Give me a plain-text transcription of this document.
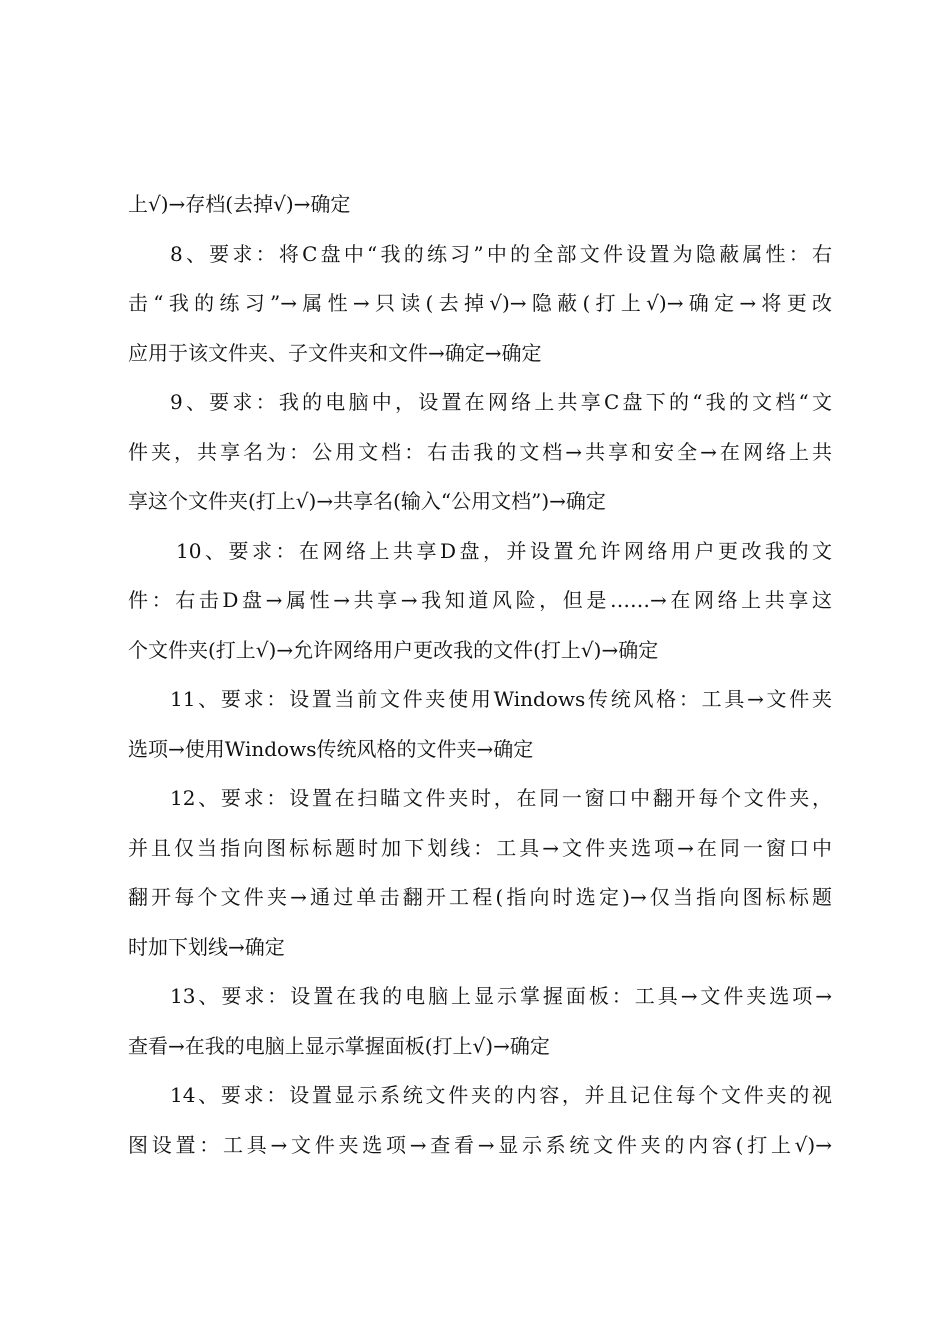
上√)→存档(去掉√)→确定
8、要求：将C盘中“我的练习”中的全部文件设置为隐蔽属性：右
击“我的练习”→属性→只读(去掉√)→隐蔽(打上√)→确定→将更改
应用于该文件夹、子文件夹和文件→确定→确定
9、要求：我的电脑中，设置在网络上共享C盘下的“我的文档“文
件夹，共享名为：公用文档：右击我的文档→共享和安全→在网络上共
享这个文件夹(打上√)→共享名(输入“公用文档”)→确定
10、要求：在网络上共享D盘，并设置允许网络用户更改我的文
件：右击D盘→属性→共享→我知道风险，但是……→在网络上共享这
个文件夹(打上√)→允许网络用户更改我的文件(打上√)→确定
11、要求：设置当前文件夹使用Windows传统风格：工具→文件夹
选项→使用Windows传统风格的文件夹→确定
12、要求：设置在扫瞄文件夹时，在同一窗口中翻开每个文件夹，
并且仅当指向图标标题时加下划线：工具→文件夹选项→在同一窗口中
翻开每个文件夹→通过单击翻开工程(指向时选定)→仅当指向图标标题
时加下划线→确定
13、要求：设置在我的电脑上显示掌握面板：工具→文件夹选项→
查看→在我的电脑上显示掌握面板(打上√)→确定
14、要求：设置显示系统文件夹的内容，并且记住每个文件夹的视
图设置：工具→文件夹选项→查看→显示系统文件夹的内容(打上√)→
